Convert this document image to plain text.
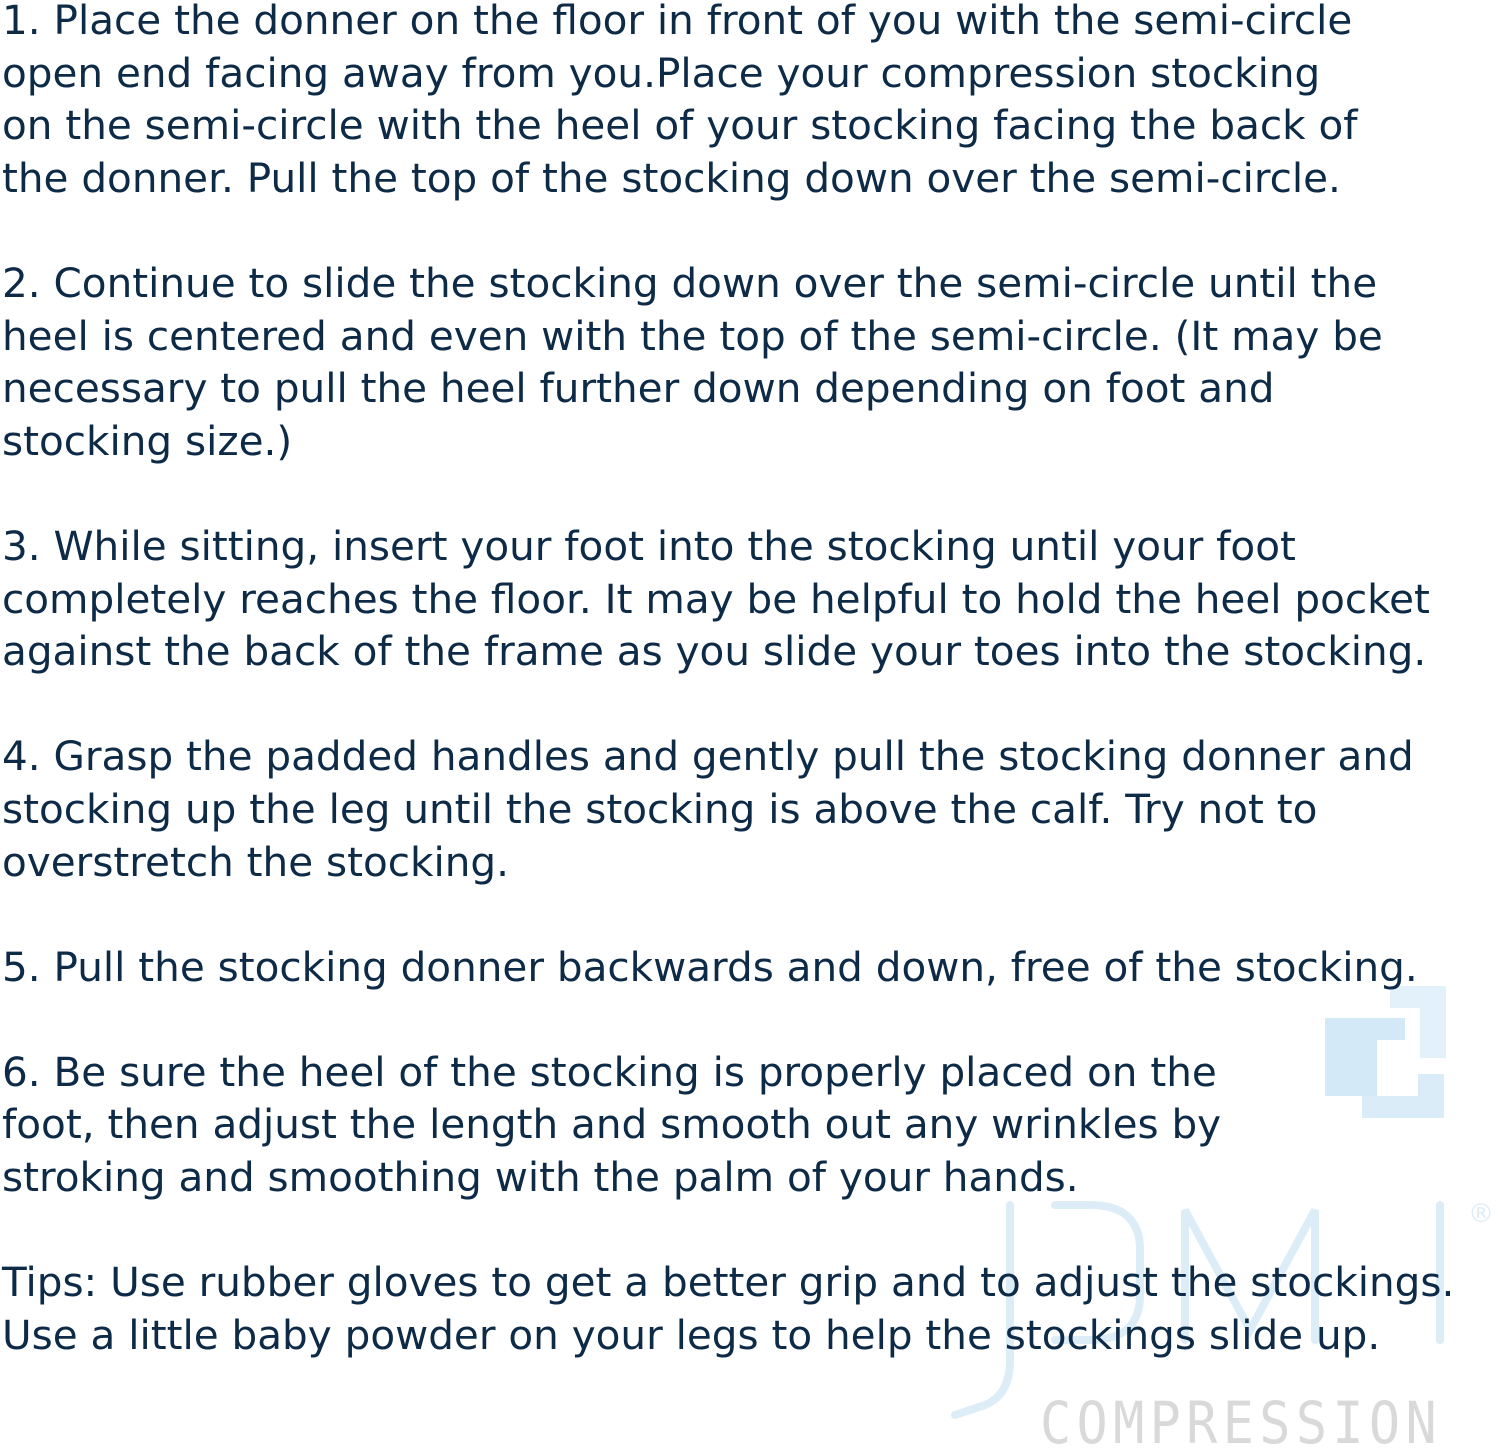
®
COMPRESSION
1. Place the donner on the floor in front of you with the semi-circle
open end facing away from you.Place your compression stocking
on the semi-circle with the heel of your stocking facing the back of
the donner. Pull the top of the stocking down over the semi-circle.
2. Continue to slide the stocking down over the semi-circle until the
heel is centered and even with the top of the semi-circle. (It may be
necessary to pull the heel further down depending on foot and
stocking size.)
3. While sitting, insert your foot into the stocking until your foot
completely reaches the floor. It may be helpful to hold the heel pocket
against the back of the frame as you slide your toes into the stocking.
4. Grasp the padded handles and gently pull the stocking donner and
stocking up the leg until the stocking is above the calf. Try not to
overstretch the stocking.
5. Pull the stocking donner backwards and down, free of the stocking.
6. Be sure the heel of the stocking is properly placed on the
foot, then adjust the length and smooth out any wrinkles by
stroking and smoothing with the palm of your hands.
Tips: Use rubber gloves to get a better grip and to adjust the stockings.
Use a little baby powder on your legs to help the stockings slide up.
